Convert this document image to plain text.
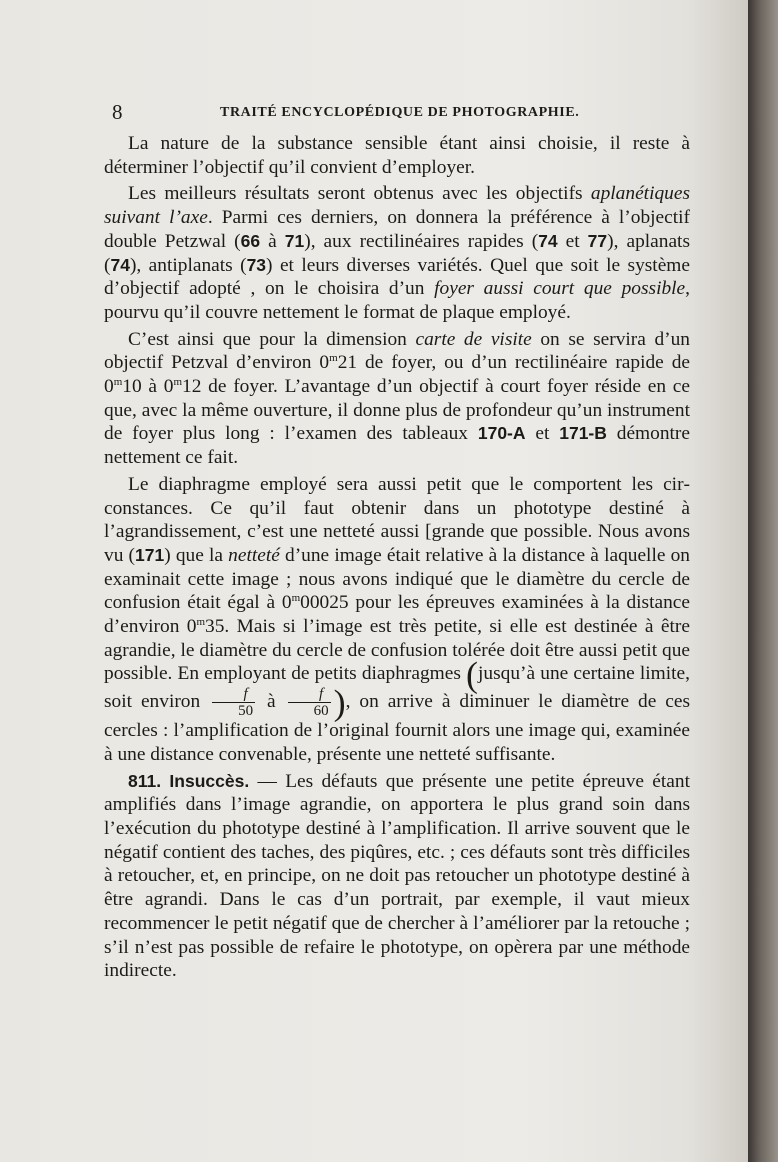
8	TRAITÉ ENCYCLOPÉDIQUE DE PHOTOGRAPHIE.

La nature de la substance sensible étant ainsi choisie, il reste à déterminer l’objectif qu’il convient d’employer.

Les meilleurs résultats seront obtenus avec les objectifs aplanétiques suivant l’axe. Parmi ces derniers, on donnera la préférence à l’objectif double Petzwal (66 à 71), aux rectilinéaires rapides (74 et 77), aplanats (74), antiplanats (73) et leurs diverses variétés. Quel que soit le système d’objectif adopté , on le choisira d’un foyer aussi court que possible, pourvu qu’il couvre nettement le format de plaque employé.

C’est ainsi que pour la dimension carte de visite on se servira d’un objectif Petzval d’environ 0$^m$21 de foyer, ou d’un rectilinéaire rapide de 0$^m$10 à 0$^m$12 de foyer. L’avantage d’un objectif à court foyer réside en ce que, avec la même ouverture, il donne plus de profondeur qu’un instrument de foyer plus long : l’examen des tableaux 170-A et 171-B démontre nettement ce fait.

Le diaphragme employé sera aussi petit que le comportent les circonstances. Ce qu’il faut obtenir dans un phototype destiné à l’agrandissement, c’est une netteté aussi [grande que possible. Nous avons vu (171) que la netteté d’une image était relative à la distance à laquelle on examinait cette image ; nous avons indiqué que le diamètre du cercle de confusion était égal à 0$^m$00025 pour les épreuves examinées à la distance d’environ 0$^m$35. Mais si l’image est très petite, si elle est destinée à être agrandie, le diamètre du cercle de confusion tolérée doit être aussi petit que possible. En employant de petits diaphragmes (jusqu’à une certaine limite, soit environ $\frac{f}{50}$ à $\frac{f}{60}$ ), on arrive à diminuer le diamètre de ces cercles : l’amplification de l’original fournit alors une image qui, examinée à une distance convenable, présente une netteté suffisante.

811. Insuccès. — Les défauts que présente une petite épreuve étant amplifiés dans l’image agrandie, on apportera le plus grand soin dans l’exécution du phototype destiné à l’amplification. Il arrive souvent que le négatif contient des taches, des piqûres, etc. ; ces défauts sont très difficiles à retoucher, et, en principe, on ne doit pas retoucher un phototype destiné à être agrandi. Dans le cas d’un portrait, par exemple, il vaut mieux recommencer le petit négatif que de chercher à l’améliorer par la retouche ; s’il n’est pas possible de refaire le phototype, on opèrera par une méthode indirecte.
